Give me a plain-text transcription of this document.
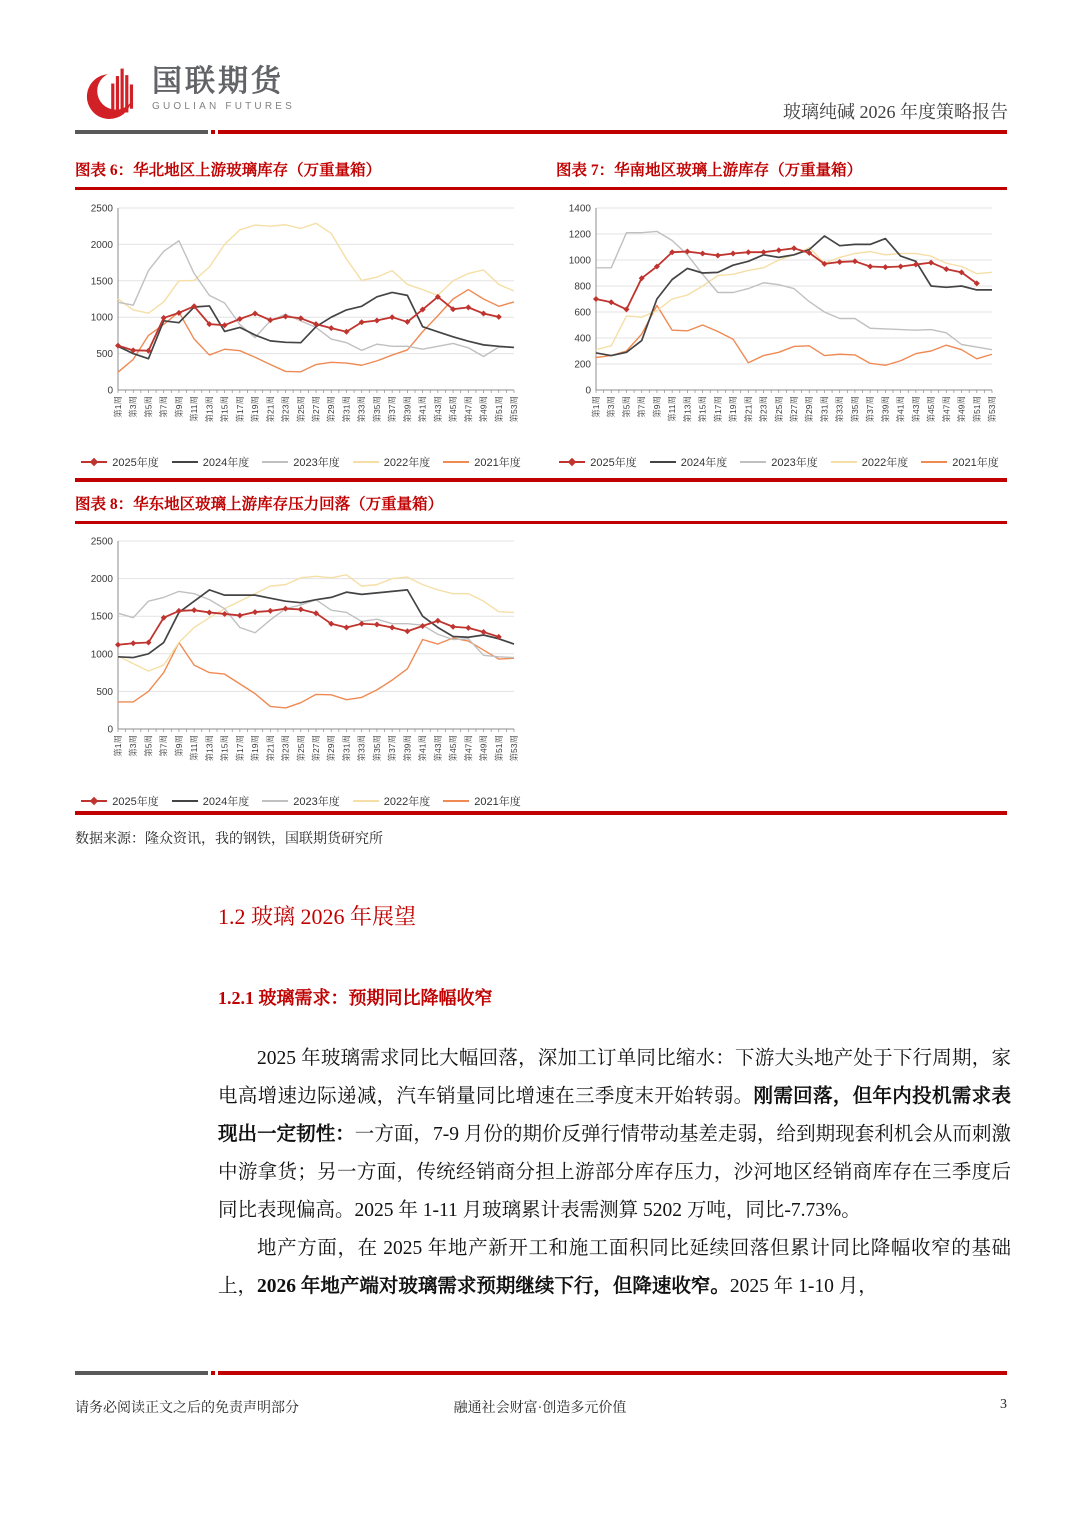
国联期货
GUOLIAN FUTURES	玻璃纯碱 2026 年度策略报告
图表 6：华北地区上游玻璃库存（万重量箱）	图表 7：华南地区玻璃上游库存（万重量箱）
0
500
1000
1500
2000
2500
第1周 第3周 第5周 第7周 第9周 第11周 第13周 第15周 第17周 第19周 第21周 第23周 第25周 第27周 第29周 第31周 第33周 第35周 第37周 第39周 第41周 第43周 第45周 第47周 第49周 第51周 第53周
2025年度	2024年度	2023年度	2022年度	2021年度
0
200
400
600
800
1000
1200
1400
第1周 第3周 第5周 第7周 第9周 第11周 第13周 第15周 第17周 第19周 第21周 第23周 第25周 第27周 第29周 第31周 第33周 第35周 第37周 第39周 第41周 第43周 第45周 第47周 第49周 第51周 第53周
2025年度	2024年度	2023年度	2022年度	2021年度
图表 8：华东地区玻璃上游库存压力回落（万重量箱）
0
500
1000
1500
2000
2500
第1周 第3周 第5周 第7周 第9周 第11周 第13周 第15周 第17周 第19周 第21周 第23周 第25周 第27周 第29周 第31周 第33周 第35周 第37周 第39周 第41周 第43周 第45周 第47周 第49周 第51周 第53周
2025年度	2024年度	2023年度	2022年度	2021年度
数据来源：隆众资讯，我的钢铁，国联期货研究所
1.2 玻璃 2026 年展望
1.2.1 玻璃需求：预期同比降幅收窄

2025 年玻璃需求同比大幅回落，深加工订单同比缩水：下游大头地产处于下行周期，家电高增速边际递减，汽车销量同比增速在三季度末开始转弱。刚需回落，但年内投机需求表现出一定韧性：一方面，7-9 月份的期价反弹行情带动基差走弱，给到期现套利机会从而刺激中游拿货；另一方面，传统经销商分担上游部分库存压力，沙河地区经销商库存在三季度后同比表现偏高。2025 年 1-11 月玻璃累计表需测算 5202 万吨，同比-7.73%。

地产方面，在 2025 年地产新开工和施工面积同比延续回落但累计同比降幅收窄的基础上，2026 年地产端对玻璃需求预期继续下行，但降速收窄。2025 年 1-10 月，

请务必阅读正文之后的免责声明部分	融通社会财富·创造多元价值	3
